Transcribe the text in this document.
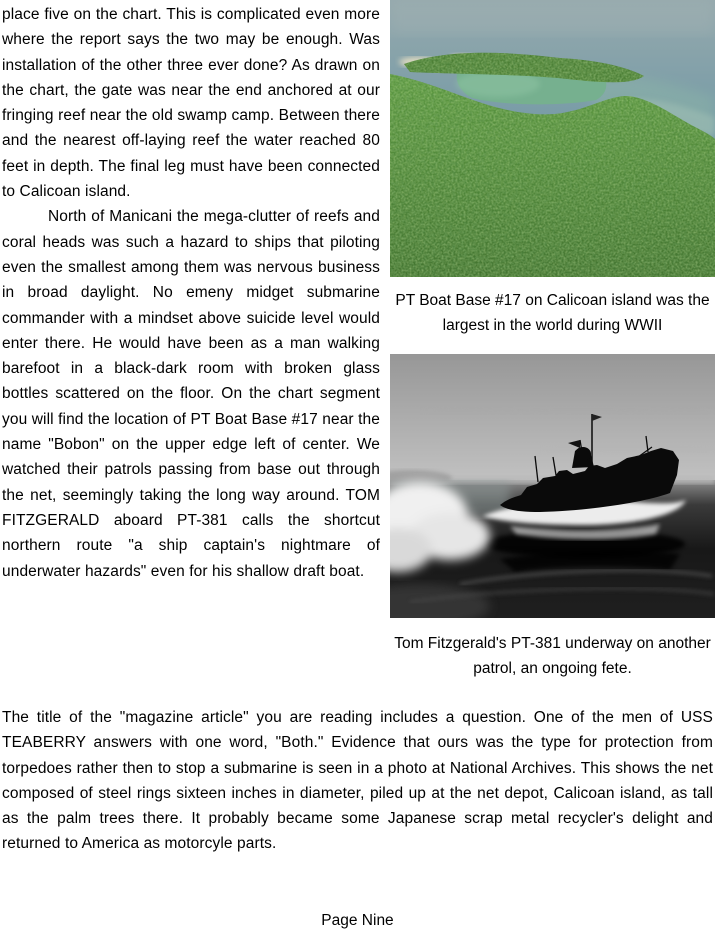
place five on the chart. This is complicated even more where the report says the two may be enough. Was installation of the other three ever done? As drawn on the chart, the gate was near the end anchored at our fringing reef near the old swamp camp. Between there and the nearest off-laying reef the water reached 80 feet in depth. The final leg must have been connected to Calicoan island.

North of Manicani the mega-clutter of reefs and coral heads was such a hazard to ships that piloting even the smallest among them was nervous business in broad daylight. No emeny midget submarine commander with a mindset above suicide level would enter there. He would have been as a man walking barefoot in a black-dark room with broken glass bottles scattered on the floor. On the chart segment you will find the location of PT Boat Base #17 near the name "Bobon" on the upper edge left of center. We watched their patrols passing from base out through the net, seemingly taking the long way around. TOM FITZGERALD aboard PT-381 calls the shortcut northern route "a ship captain's nightmare of underwater hazards" even for his shallow draft boat.

PT Boat Base #17 on Calicoan island was the largest in the world during WWII
Tom Fitzgerald's PT-381 underway on another patrol, an ongoing fete.

The title of the "magazine article" you are reading includes a question. One of the men of USS TEABERRY answers with one word, "Both." Evidence that ours was the type for protection from torpedoes rather then to stop a submarine is seen in a photo at National Archives. This shows the net composed of steel rings sixteen inches in diameter, piled up at the net depot, Calicoan island, as tall as the palm trees there. It probably became some Japanese scrap metal recycler's delight and returned to America as motorcyle parts.

Page Nine
